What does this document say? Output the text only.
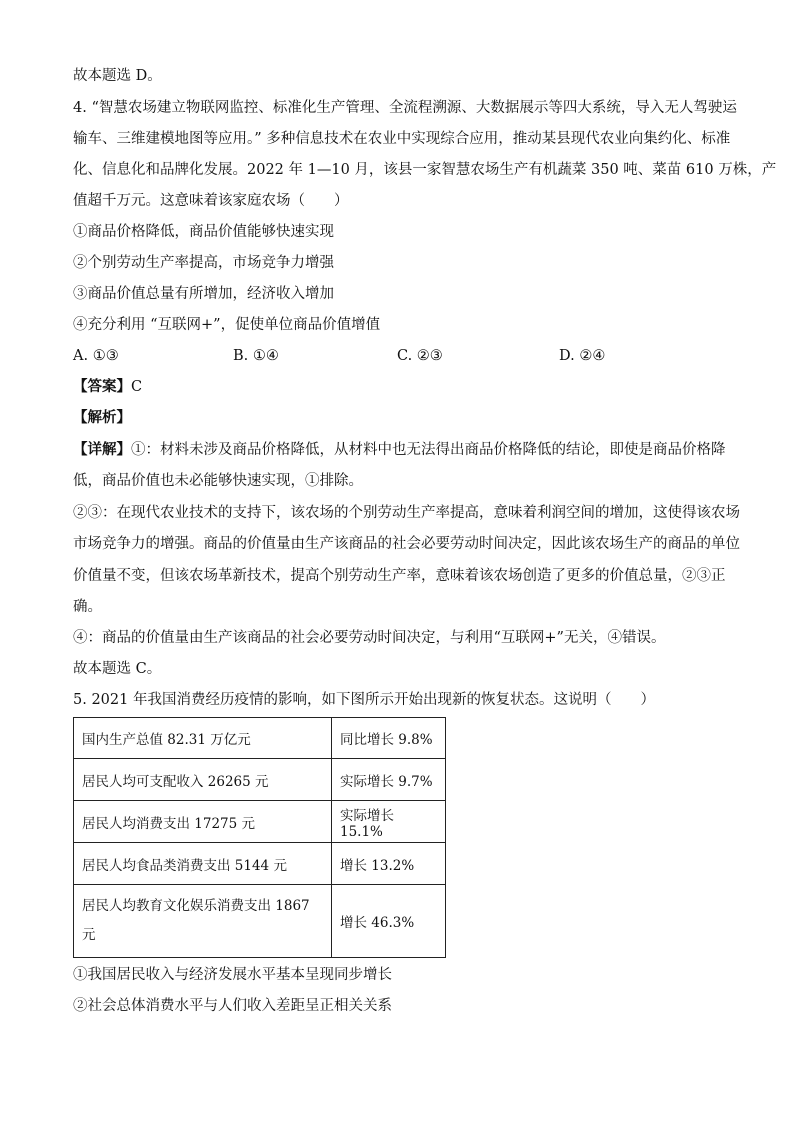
故本题选 D。
4. “智慧农场建立物联网监控、标准化生产管理、全流程溯源、大数据展示等四大系统，导入无人驾驶运
输车、三维建模地图等应用。” 多种信息技术在农业中实现综合应用，推动某县现代农业向集约化、标准
化、信息化和品牌化发展。2022 年 1—10 月，该县一家智慧农场生产有机蔬菜 350 吨、菜苗 610 万株，产
值超千万元。这意味着该家庭农场（　　）
①商品价格降低，商品价值能够快速实现
②个别劳动生产率提高，市场竞争力增强
③商品价值总量有所增加，经济收入增加
④充分利用 “互联网+”，促使单位商品价值增值
A. ①③	B. ①④	C. ②③	D. ②④
【答案】C
【解析】
【详解】①：材料未涉及商品价格降低，从材料中也无法得出商品价格降低的结论，即使是商品价格降
低，商品价值也未必能够快速实现，①排除。
②③：在现代农业技术的支持下，该农场的个别劳动生产率提高，意味着利润空间的增加，这使得该农场
市场竞争力的增强。商品的价值量由生产该商品的社会必要劳动时间决定，因此该农场生产的商品的单位
价值量不变，但该农场革新技术，提高个别劳动生产率，意味着该农场创造了更多的价值总量，②③正
确。
④：商品的价值量由生产该商品的社会必要劳动时间决定，与利用“互联网+”无关，④错误。
故本题选 C。
5. 2021 年我国消费经历疫情的影响，如下图所示开始出现新的恢复状态。这说明（　　）
国内生产总值 82.31 万亿元	同比增长 9.8%
居民人均可支配收入 26265 元	实际增长 9.7%
居民人均消费支出 17275 元	实际增长 15.1%
居民人均食品类消费支出 5144 元	增长 13.2%
居民人均教育文化娱乐消费支出 1867 元	增长 46.3%
①我国居民收入与经济发展水平基本呈现同步增长
②社会总体消费水平与人们收入差距呈正相关关系
